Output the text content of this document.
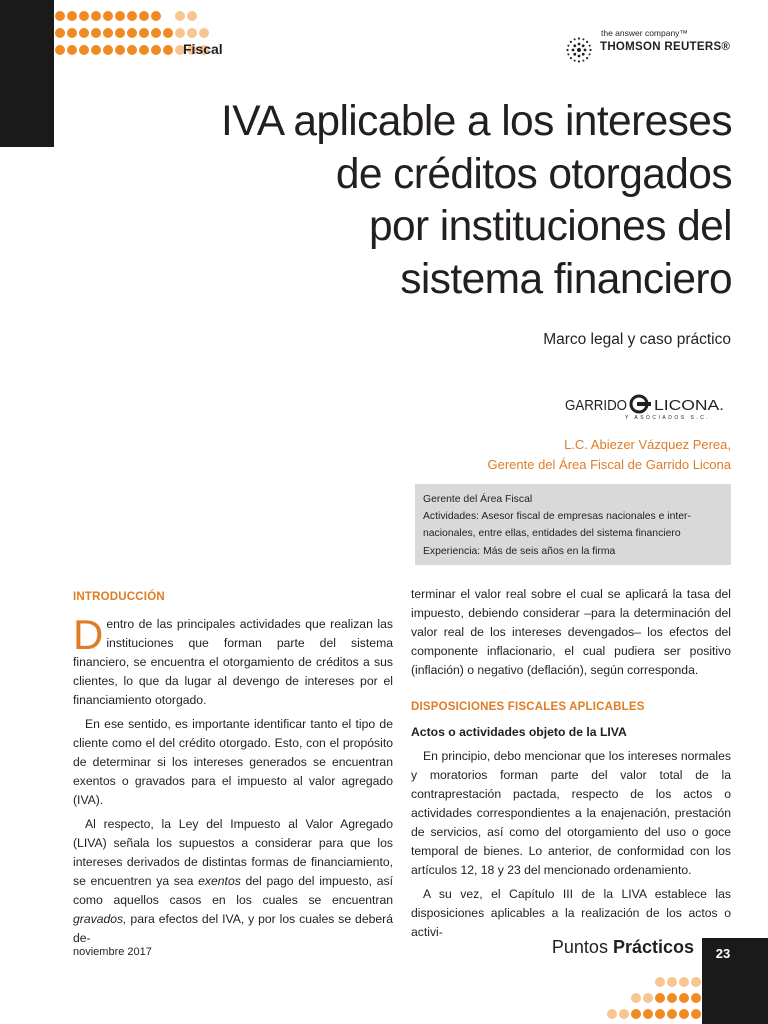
Fiscal
the answer company™
THOMSON REUTERS®
IVA aplicable a los intereses
de créditos otorgados
por instituciones del
sistema financiero
Marco legal y caso práctico
GARRIDO LICONA.
Y ASOCIADOS S.C.
L.C. Abiezer Vázquez Perea,
Gerente del Área Fiscal de Garrido Licona
Gerente del Área Fiscal
Actividades: Asesor fiscal de empresas nacionales e inter-
nacionales, entre ellas, entidades del sistema financiero
Experiencia: Más de seis años en la firma
INTRODUCCIÓN

Dentro de las principales actividades que realizan las instituciones que forman parte del sistema financiero, se encuentra el otorgamiento de créditos a sus clientes, lo que da lugar al devengo de intereses por el financiamiento otorgado.

En ese sentido, es importante identificar tanto el tipo de cliente como el del crédito otorgado. Esto, con el propósito de determinar si los intereses generados se encuentran exentos o gravados para el impuesto al valor agregado (IVA).

Al respecto, la Ley del Impuesto al Valor Agregado (LIVA) señala los supuestos a considerar para que los intereses derivados de distintas formas de financiamiento, se encuentren ya sea exentos del pago del impuesto, así como aquellos casos en los cuales se encuentran gravados, para efectos del IVA, y por los cuales se deberá de-

terminar el valor real sobre el cual se aplicará la tasa del impuesto, debiendo considerar –para la determinación del valor real de los intereses devengados– los efectos del componente inflacionario, el cual pudiera ser positivo (inflación) o negativo (deflación), según corresponda.

DISPOSICIONES FISCALES APLICABLES
Actos o actividades objeto de la LIVA

En principio, debo mencionar que los intereses normales y moratorios forman parte del valor total de la contraprestación pactada, respecto de los actos o actividades correspondientes a la enajenación, prestación de servicios, así como del otorgamiento del uso o goce temporal de bienes. Lo anterior, de conformidad con los artículos 12, 18 y 23 del mencionado ordenamiento.

A su vez, el Capítulo III de la LIVA establece las disposiciones aplicables a la realización de los actos o activi-

noviembre 2017	Puntos Prácticos	23
